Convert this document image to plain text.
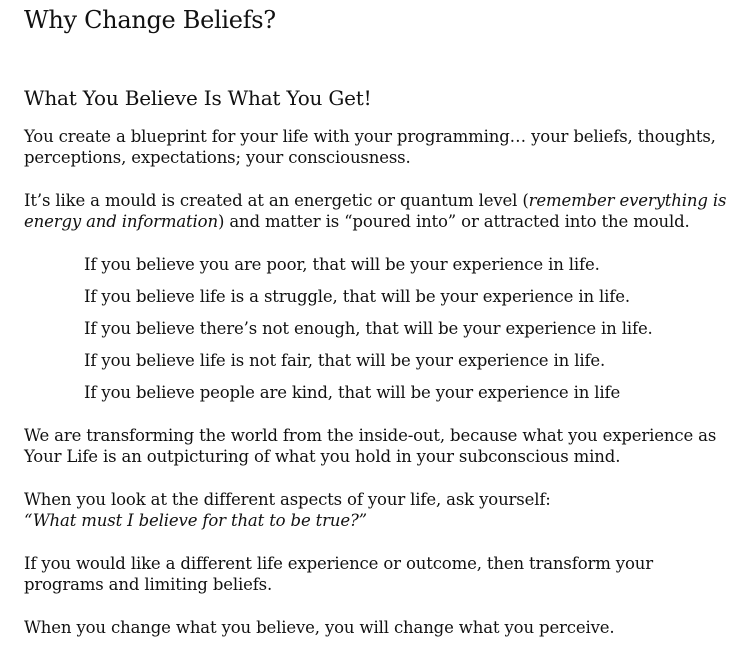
Why Change Beliefs?
What You Believe Is What You Get!

You create a blueprint for your life with your programming… your beliefs, thoughts, perceptions, expectations; your consciousness.

It’s like a mould is created at an energetic or quantum level (remember everything is energy and information) and matter is “poured into” or attracted into the mould.

If you believe you are poor, that will be your experience in life.
If you believe life is a struggle, that will be your experience in life.
If you believe there’s not enough, that will be your experience in life.
If you believe life is not fair, that will be your experience in life.
If you believe people are kind, that will be your experience in life

We are transforming the world from the inside-out, because what you experience as Your Life is an outpicturing of what you hold in your subconscious mind.

When you look at the different aspects of your life, ask yourself:
“What must I believe for that to be true?”

If you would like a different life experience or outcome, then transform your programs and limiting beliefs.

When you change what you believe, you will change what you perceive.
